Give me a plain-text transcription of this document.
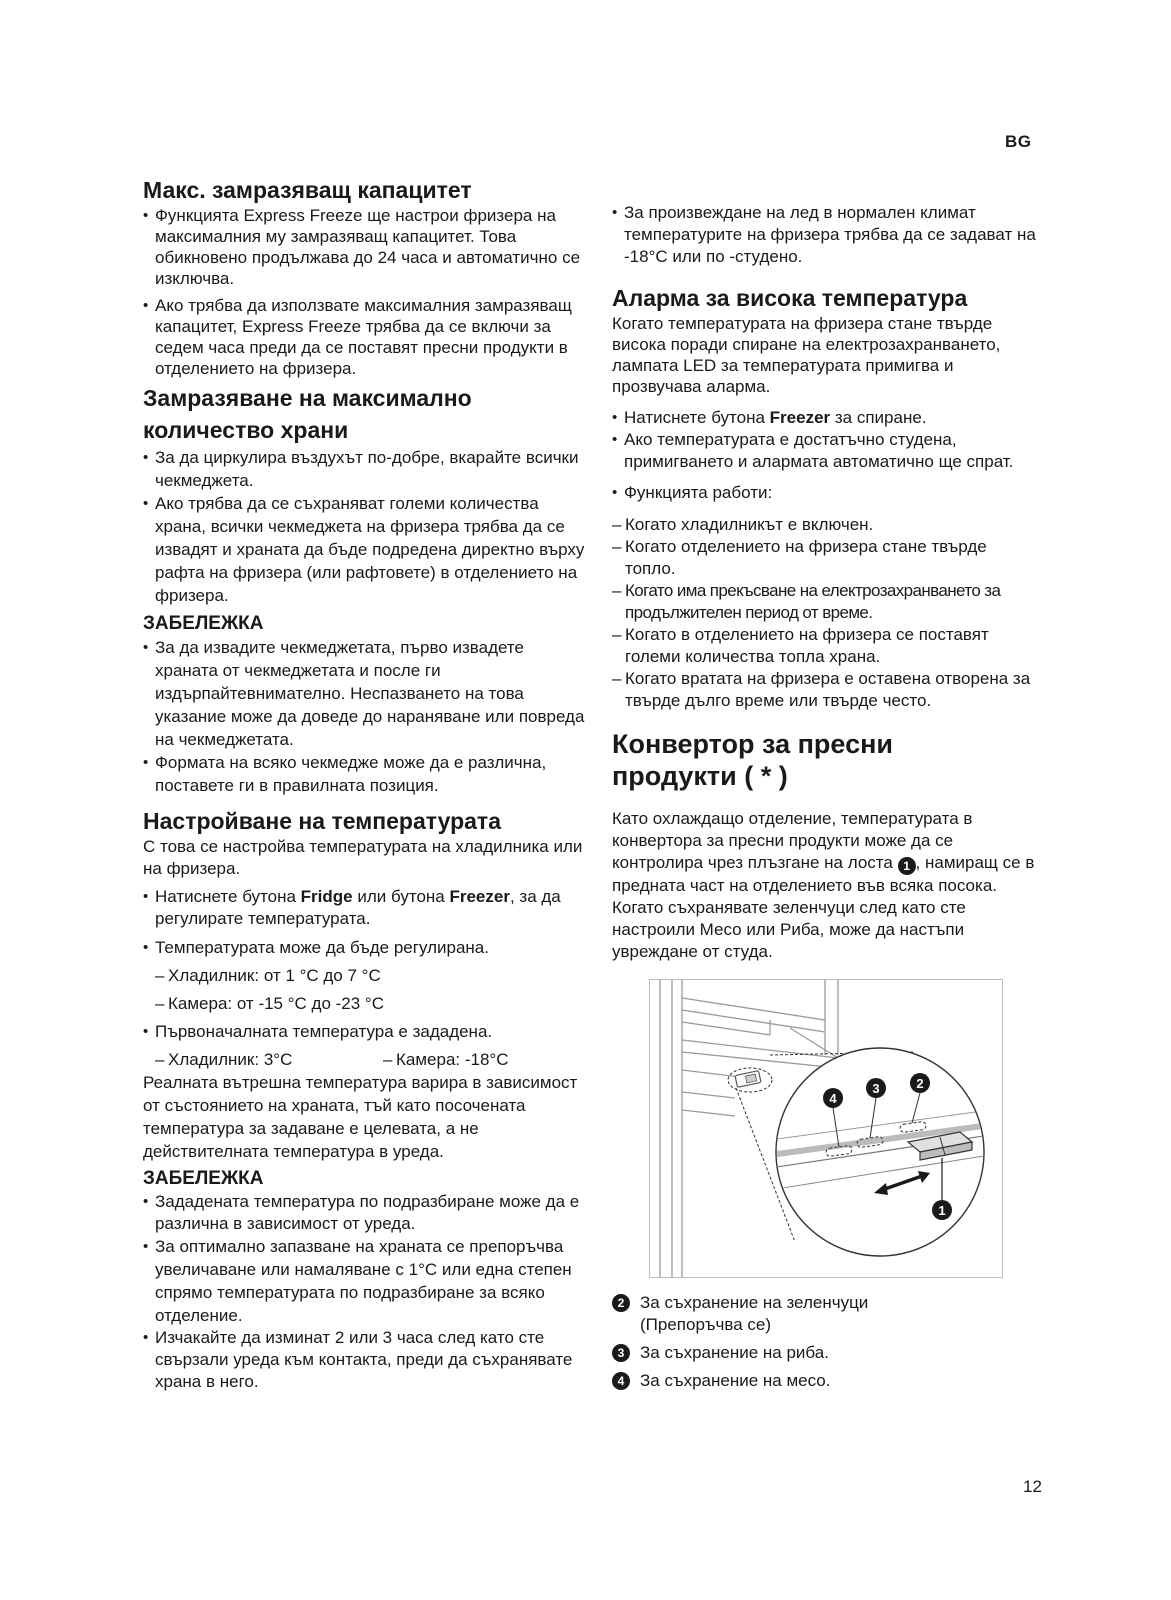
BG
Макс. замразяващ капацитет
• Функцията Express Freeze ще настрои фризера на максималния му замразяващ капацитет. Това обикновено продължава до 24 часа и автоматично се изключва.
• Ако трябва да използвате максималния замразяващ капацитет, Express Freeze трябва да се включи за седем часа преди да се поставят пресни продукти в отделението на фризера.
Замразяване на максимално количество храни
• За да циркулира въздухът по-добре, вкарайте всички чекмеджета.
• Ако трябва да се съхраняват големи количества храна, всички чекмеджета на фризера трябва да се извадят и храната да бъде подредена директно върху рафта на фризера (или рафтовете) в отделението на фризера.
ЗАБЕЛЕЖКА
• За да извадите чекмеджетата, първо извадете храната от чекмеджетата и после ги издърпайтевнимателно. Неспазването на това указание може да доведе до нараняване или повреда на чекмеджетата.
• Формата на всяко чекмедже може да е различна, поставете ги в правилната позиция.
Настройване на температурата

С това се настройва температурата на хладилника или на фризера.

• Натиснете бутона Fridge или бутона Freezer, за да регулирате температурата.
• Температурата може да бъде регулирана.
– Хладилник: от 1 °C до 7 °C
– Камера: от -15 °C до -23 °C
• Първоначалната температура е зададена.
– Хладилник: 3°C
–	Камера: -18°C

Реалната вътрешна температура варира в зависимост от състоянието на храната, тъй като посочената температура за задаване е целевата, а не действителната температура в уреда.

ЗАБЕЛЕЖКА
• Зададената температура по подразбиране може да е различна в зависимост от уреда.
• За оптимално запазване на храната се препоръчва увеличаване или намаляване с 1°C или една степен спрямо температурата по подразбиране за всяко отделение.
• Изчакайте да изминат 2 или 3 часа след като сте свързали уреда към контакта, преди да съхранявате храна в него.
• За произвеждане на лед в нормален климат температурите на фризера трябва да се задават на -18°C или по -студено.
Аларма за висока температура

Когато температурата на фризера стане твърде висока поради спиране на електрозахранването, лампата LED за температурата примигва и прозвучава аларма.

• Натиснете бутона Freezer за спиране.
• Ако температурата е достатъчно студена, примигването и алармата автоматично ще спрат.
• Функцията работи:
– Когато хладилникът е включен.
– Когато отделението на фризера стане твърде топло.
– Когато има прекъсване на електрозахранването за продължителен период от време.
– Когато в отделението на фризера се поставят големи количества топла храна.
– Когато вратата на фризера е оставена отворена за твърде дълго време или твърде често.
Конвертор за пресни продукти ( * )

Като охлаждащо отделение, температурата в конвертора за пресни продукти може да се контролира чрез плъзгане на лоста 1 , намиращ се в предната част на отделението във всяка посока.

Когато съхранявате зеленчуци след като сте настроили Месо или Риба, може да настъпи увреждане от студа.

1
2
3
4
2 За съхранение на зеленчуци (Препоръчва се)
3 За съхранение на риба.
4 За съхранение на месо.
12
